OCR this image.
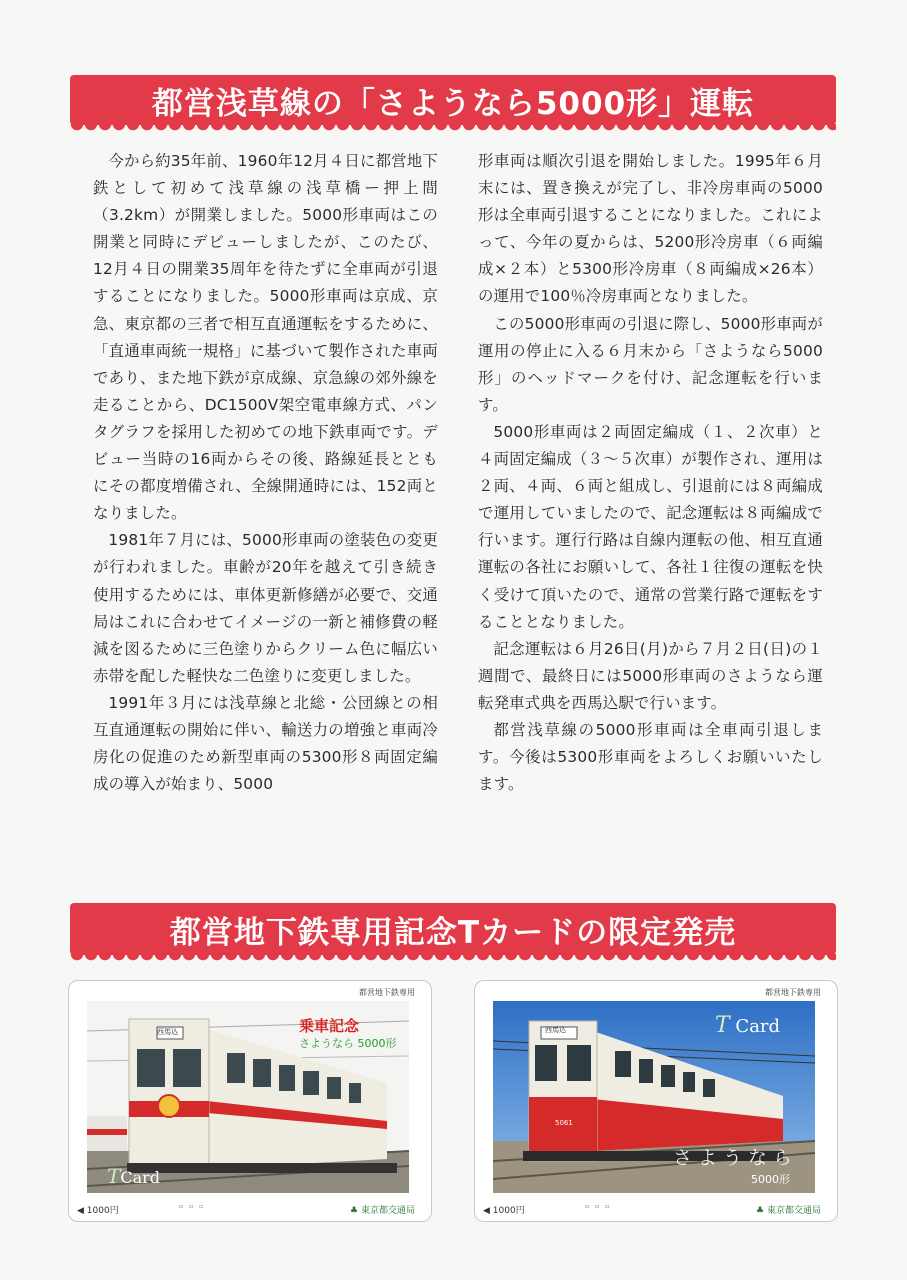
都営浅草線の「さようなら5000形」運転

今から約35年前、1960年12月４日に都営地下鉄として初めて浅草線の浅草橋ー押上間（3.2km）が開業しました。5000形車両はこの開業と同時にデビューしましたが、このたび、12月４日の開業35周年を待たずに全車両が引退することになりました。5000形車両は京成、京急、東京都の三者で相互直通運転をするために、「直通車両統一規格」に基づいて製作された車両であり、また地下鉄が京成線、京急線の郊外線を走ることから、DC1500V架空電車線方式、パンタグラフを採用した初めての地下鉄車両です。デビュー当時の16両からその後、路線延長とともにその都度増備され、全線開通時には、152両となりました。

1981年７月には、5000形車両の塗装色の変更が行われました。車齢が20年を越えて引き続き使用するためには、車体更新修繕が必要で、交通局はこれに合わせてイメージの一新と補修費の軽減を図るために三色塗りからクリーム色に幅広い赤帯を配した軽快な二色塗りに変更しました。

1991年３月には浅草線と北総・公団線との相互直通運転の開始に伴い、輸送力の増強と車両冷房化の促進のため新型車両の5300形８両固定編成の導入が始まり、5000

形車両は順次引退を開始しました。1995年６月末には、置き換えが完了し、非冷房車両の5000形は全車両引退することになりました。これによって、今年の夏からは、5200形冷房車（６両編成×２本）と5300形冷房車（８両編成×26本）の運用で100％冷房車両となりました。

この5000形車両の引退に際し、5000形車両が運用の停止に入る６月末から「さようなら5000形」のヘッドマークを付け、記念運転を行います。

5000形車両は２両固定編成（１、２次車）と４両固定編成（３～５次車）が製作され、運用は２両、４両、６両と組成し、引退前には８両編成で運用していましたので、記念運転は８両編成で行います。運行行路は自線内運転の他、相互直通運転の各社にお願いして、各社１往復の運転を快く受けて頂いたので、通常の営業行路で運転をすることとなりました。

記念運転は６月26日(月)から７月２日(日)の１週間で、最終日には5000形車両のさようなら運転発車式典を西馬込駅で行います。

都営浅草線の5000形車両は全車両引退します。今後は5300形車両をよろしくお願いいたします。

都営地下鉄専用記念Tカードの限定発売
都営地下鉄専用
乗車記念
さようなら 5000形
西馬込
TCard
◀ 1000円	▫▫▫	♣ 東京都交通局
都営地下鉄専用
西馬込
5061
T Card
さようなら
5000形
◀ 1000円	▫▫▫	♣ 東京都交通局
